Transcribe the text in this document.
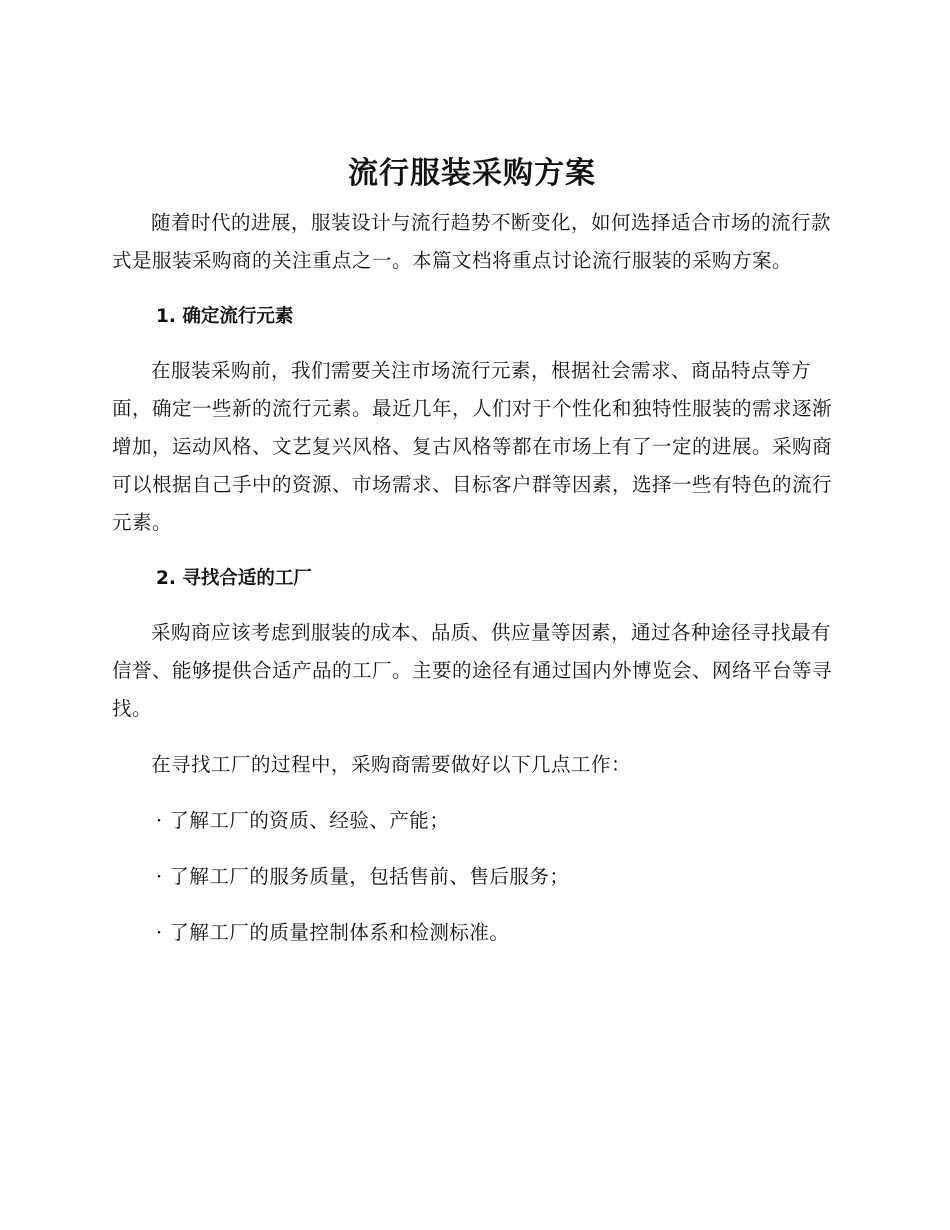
流行服装采购方案

随着时代的进展，服装设计与流行趋势不断变化，如何选择适合市场的流行款式是服装采购商的关注重点之一。本篇文档将重点讨论流行服装的采购方案。

1. 确定流行元素

在服装采购前，我们需要关注市场流行元素，根据社会需求、商品特点等方面，确定一些新的流行元素。最近几年，人们对于个性化和独特性服装的需求逐渐增加，运动风格、文艺复兴风格、复古风格等都在市场上有了一定的进展。采购商可以根据自己手中的资源、市场需求、目标客户群等因素，选择一些有特色的流行元素。

2. 寻找合适的工厂

采购商应该考虑到服装的成本、品质、供应量等因素，通过各种途径寻找最有信誉、能够提供合适产品的工厂。主要的途径有通过国内外博览会、网络平台等寻找。

在寻找工厂的过程中，采购商需要做好以下几点工作：

· 了解工厂的资质、经验、产能；
· 了解工厂的服务质量，包括售前、售后服务；
· 了解工厂的质量控制体系和检测标准。
